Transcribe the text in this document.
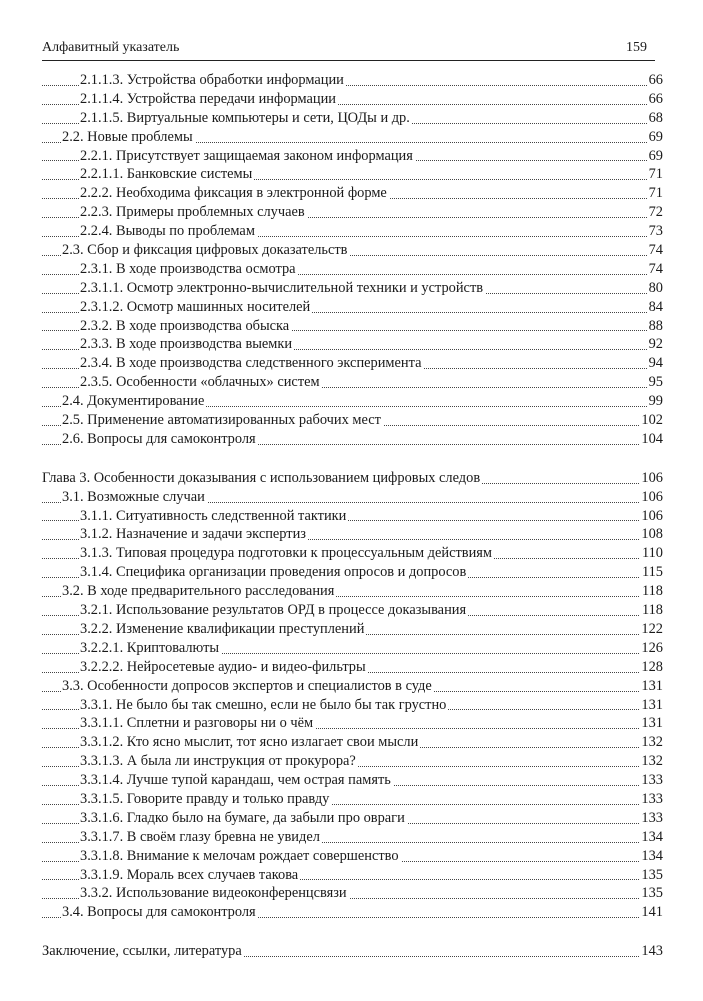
Алфавитный указатель	159
2.1.1.3. Устройства обработки информации	66
2.1.1.4. Устройства передачи информации	66
2.1.1.5. Виртуальные компьютеры и сети, ЦОДы и др.	68
2.2. Новые проблемы	69
2.2.1. Присутствует защищаемая законом информация	69
2.2.1.1. Банковские системы	71
2.2.2. Необходима фиксация в электронной форме	71
2.2.3. Примеры проблемных случаев	72
2.2.4. Выводы по проблемам	73
2.3. Сбор и фиксация цифровых доказательств	74
2.3.1. В ходе производства осмотра	74
2.3.1.1. Осмотр электронно-вычислительной техники и устройств	80
2.3.1.2. Осмотр машинных носителей	84
2.3.2. В ходе производства обыска	88
2.3.3. В ходе производства выемки	92
2.3.4. В ходе производства следственного эксперимента	94
2.3.5. Особенности «облачных» систем	95
2.4. Документирование	99
2.5. Применение автоматизированных рабочих мест	102
2.6. Вопросы для самоконтроля	104
Глава 3. Особенности доказывания с использованием цифровых следов	106
3.1. Возможные случаи	106
3.1.1. Ситуативность следственной тактики	106
3.1.2. Назначение и задачи экспертиз	108
3.1.3. Типовая процедура подготовки к процессуальным действиям	110
3.1.4. Специфика организации проведения опросов и допросов	115
3.2. В ходе предварительного расследования	118
3.2.1. Использование результатов ОРД в процессе доказывания	118
3.2.2. Изменение квалификации преступлений	122
3.2.2.1. Криптовалюты	126
3.2.2.2. Нейросетевые аудио- и видео-фильтры	128
3.3. Особенности допросов экспертов и специалистов в суде	131
3.3.1. Не было бы так смешно, если не было бы так грустно	131
3.3.1.1. Сплетни и разговоры ни о чём	131
3.3.1.2. Кто ясно мыслит, тот ясно излагает свои мысли	132
3.3.1.3. А была ли инструкция от прокурора?	132
3.3.1.4. Лучше тупой карандаш, чем острая память	133
3.3.1.5. Говорите правду и только правду	133
3.3.1.6. Гладко было на бумаге, да забыли про овраги	133
3.3.1.7. В своём глазу бревна не увидел	134
3.3.1.8. Внимание к мелочам рождает совершенство	134
3.3.1.9. Мораль всех случаев такова	135
3.3.2. Использование видеоконференцсвязи	135
3.4. Вопросы для самоконтроля	141
Заключение, ссылки, литература	143
